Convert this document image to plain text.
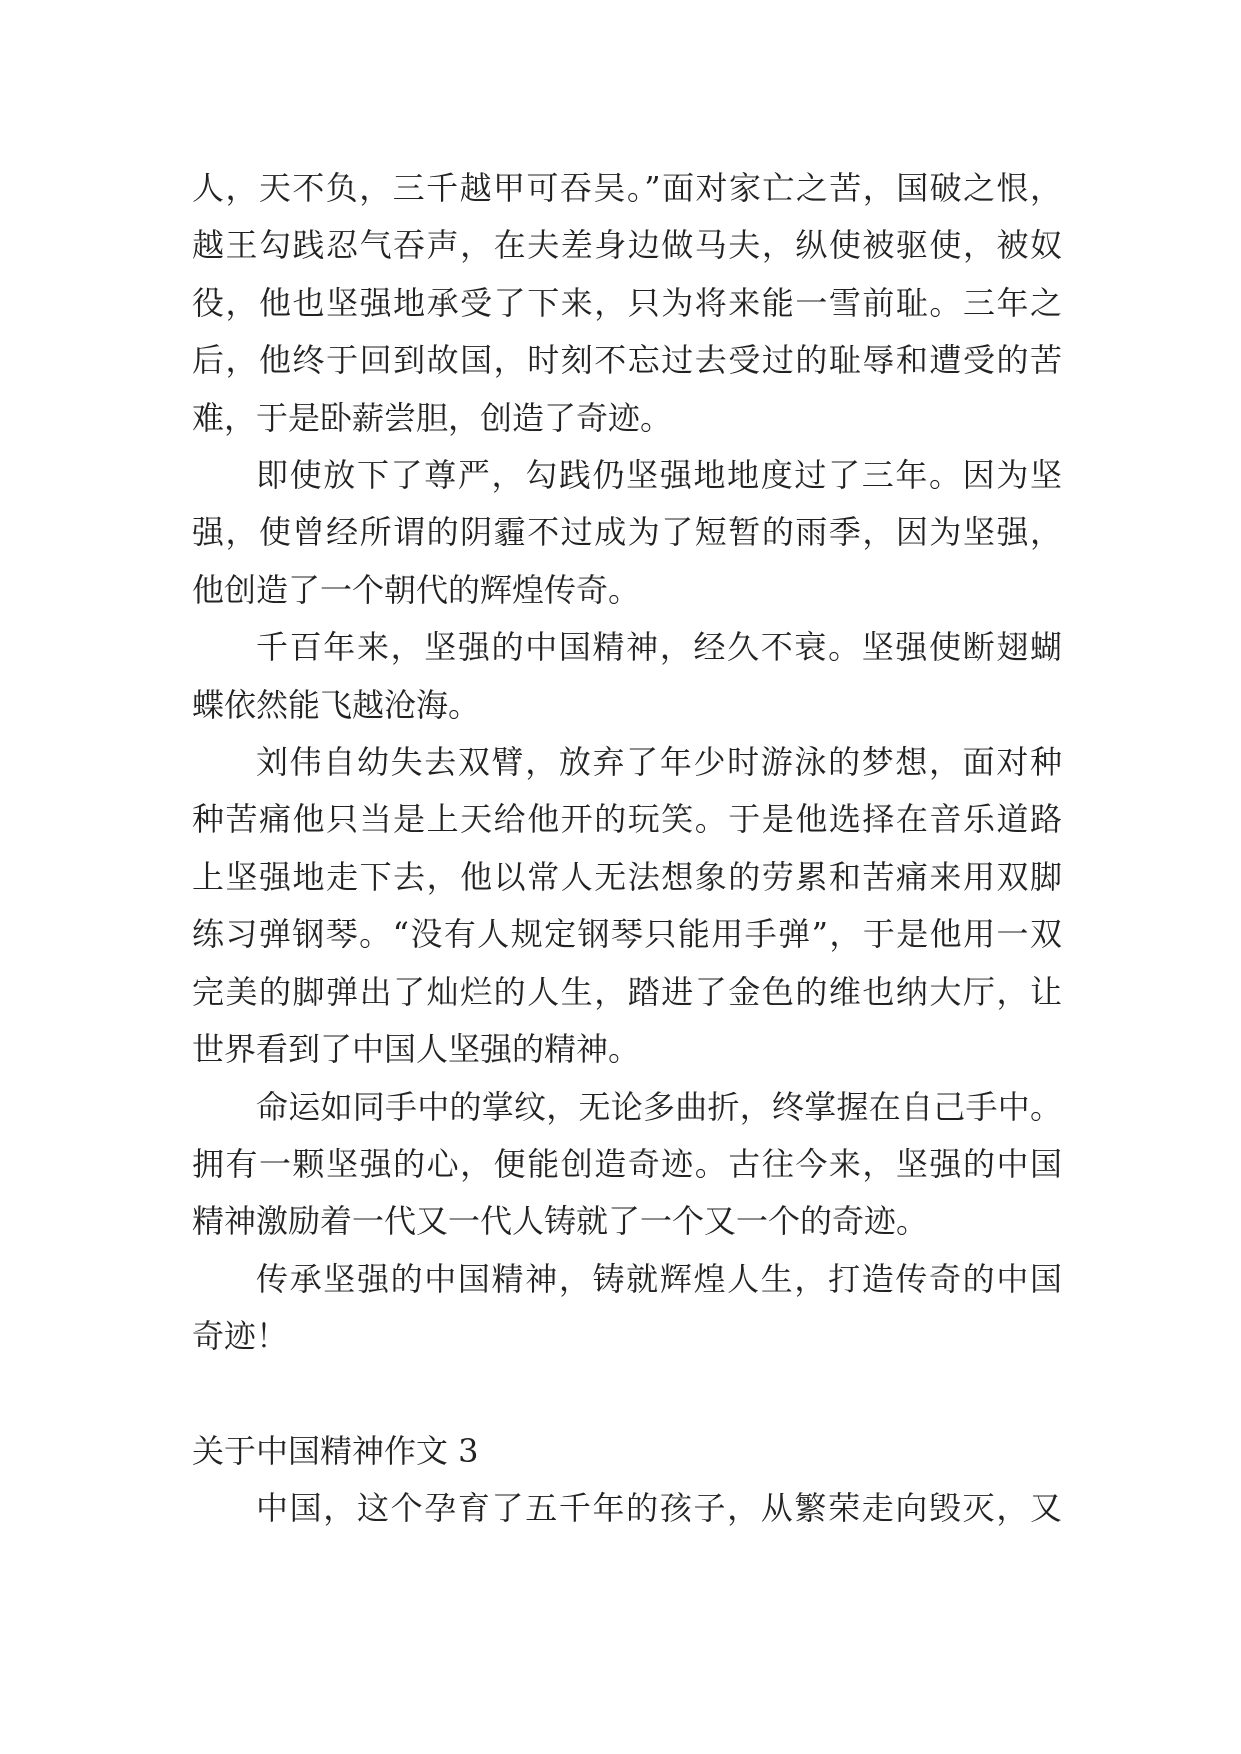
人，天不负，三千越甲可吞吴。”面对家亡之苦，国破之恨，
越王勾践忍气吞声，在夫差身边做马夫，纵使被驱使，被奴
役，他也坚强地承受了下来，只为将来能一雪前耻。三年之
后，他终于回到故国，时刻不忘过去受过的耻辱和遭受的苦
难，于是卧薪尝胆，创造了奇迹。
即使放下了尊严，勾践仍坚强地地度过了三年。因为坚
强，使曾经所谓的阴霾不过成为了短暂的雨季，因为坚强，
他创造了一个朝代的辉煌传奇。
千百年来，坚强的中国精神，经久不衰。坚强使断翅蝴
蝶依然能飞越沧海。
刘伟自幼失去双臂，放弃了年少时游泳的梦想，面对种
种苦痛他只当是上天给他开的玩笑。于是他选择在音乐道路
上坚强地走下去，他以常人无法想象的劳累和苦痛来用双脚
练习弹钢琴。“没有人规定钢琴只能用手弹”，于是他用一双
完美的脚弹出了灿烂的人生，踏进了金色的维也纳大厅，让
世界看到了中国人坚强的精神。
命运如同手中的掌纹，无论多曲折，终掌握在自己手中。
拥有一颗坚强的心，便能创造奇迹。古往今来，坚强的中国
精神激励着一代又一代人铸就了一个又一个的奇迹。
传承坚强的中国精神，铸就辉煌人生，打造传奇的中国
奇迹！
关于中国精神作文 3
中国，这个孕育了五千年的孩子，从繁荣走向毁灭，又
